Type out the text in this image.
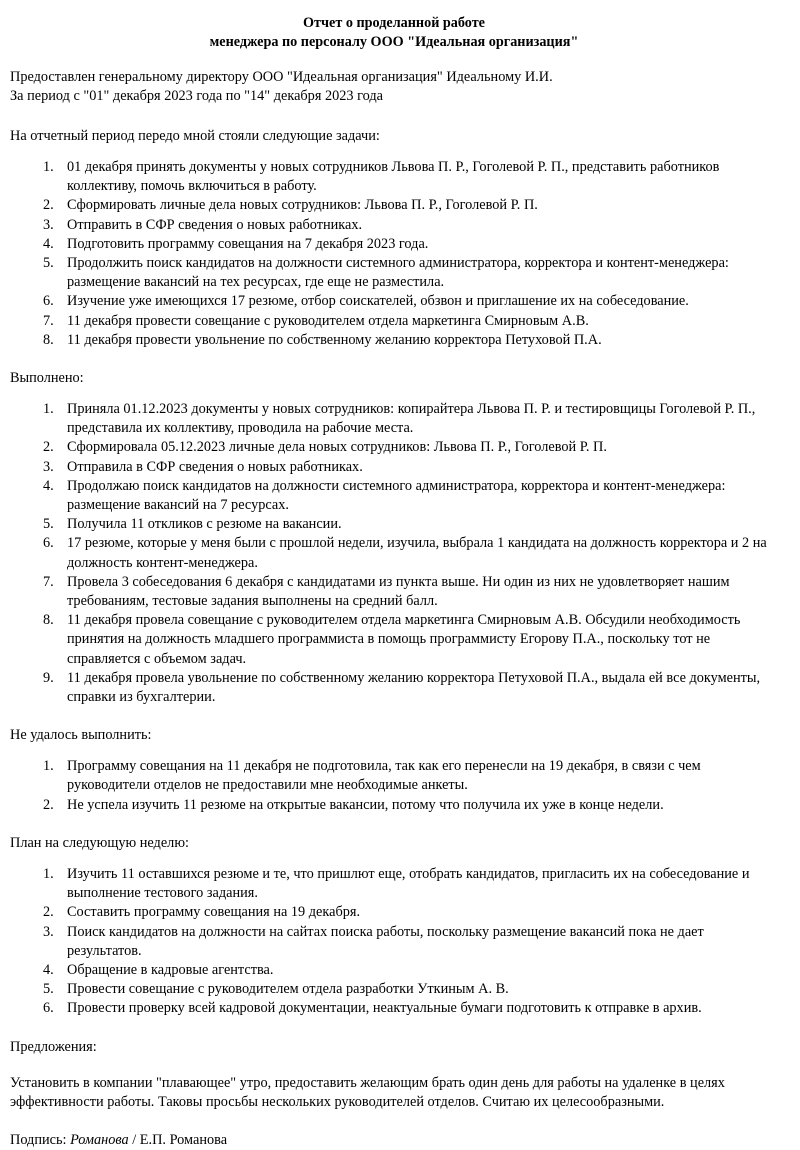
Отчет о проделанной работе
менеджера по персоналу ООО "Идеальная организация"
Предоставлен генеральному директору ООО "Идеальная организация" Идеальному И.И.
За период с "01" декабря 2023 года по "14" декабря 2023 года
На отчетный период передо мной стояли следующие задачи:
01 декабря принять документы у новых сотрудников Львова П. Р., Гоголевой Р. П., представить работников коллективу, помочь включиться в работу.
Сформировать личные дела новых сотрудников: Львова П. Р., Гоголевой Р. П.
Отправить в СФР сведения о новых работниках.
Подготовить программу совещания на 7 декабря 2023 года.
Продолжить поиск кандидатов на должности системного администратора, корректора и контент-менеджера: размещение вакансий на тех ресурсах, где еще не разместила.
Изучение уже имеющихся 17 резюме, отбор соискателей, обзвон и приглашение их на собеседование.
11 декабря провести совещание с руководителем отдела маркетинга Смирновым А.В.
11 декабря провести увольнение по собственному желанию корректора Петуховой П.А.
Выполнено:
Приняла 01.12.2023 документы у новых сотрудников: копирайтера Львова П. Р. и тестировщицы Гоголевой Р. П., представила их коллективу, проводила на рабочие места.
Сформировала 05.12.2023 личные дела новых сотрудников: Львова П. Р., Гоголевой Р. П.
Отправила в СФР сведения о новых работниках.
Продолжаю поиск кандидатов на должности системного администратора, корректора и контент-менеджера: размещение вакансий на 7 ресурсах.
Получила 11 откликов с резюме на вакансии.
17 резюме, которые у меня были с прошлой недели, изучила, выбрала 1 кандидата на должность корректора и 2 на должность контент-менеджера.
Провела 3 собеседования 6 декабря с кандидатами из пункта выше. Ни один из них не удовлетворяет нашим требованиям, тестовые задания выполнены на средний балл.
11 декабря провела совещание с руководителем отдела маркетинга Смирновым А.В. Обсудили необходимость принятия на должность младшего программиста в помощь программисту Егорову П.А., поскольку тот не справляется с объемом задач.
11 декабря провела увольнение по собственному желанию корректора Петуховой П.А., выдала ей все документы, справки из бухгалтерии.
Не удалось выполнить:
Программу совещания на 11 декабря не подготовила, так как его перенесли на 19 декабря, в связи с чем руководители отделов не предоставили мне необходимые анкеты.
Не успела изучить 11 резюме на открытые вакансии, потому что получила их уже в конце недели.
План на следующую неделю:
Изучить 11 оставшихся резюме и те, что пришлют еще, отобрать кандидатов, пригласить их на собеседование и выполнение тестового задания.
Составить программу совещания на 19 декабря.
Поиск кандидатов на должности на сайтах поиска работы, поскольку размещение вакансий пока не дает результатов.
Обращение в кадровые агентства.
Провести совещание с руководителем отдела разработки Уткиным А. В.
Провести проверку всей кадровой документации, неактуальные бумаги подготовить к отправке в архив.
Предложения:
Установить в компании "плавающее" утро, предоставить желающим брать один день для работы на удаленке в целях эффективности работы. Таковы просьбы нескольких руководителей отделов. Считаю их целесообразными.
Подпись: Романова / Е.П. Романова
